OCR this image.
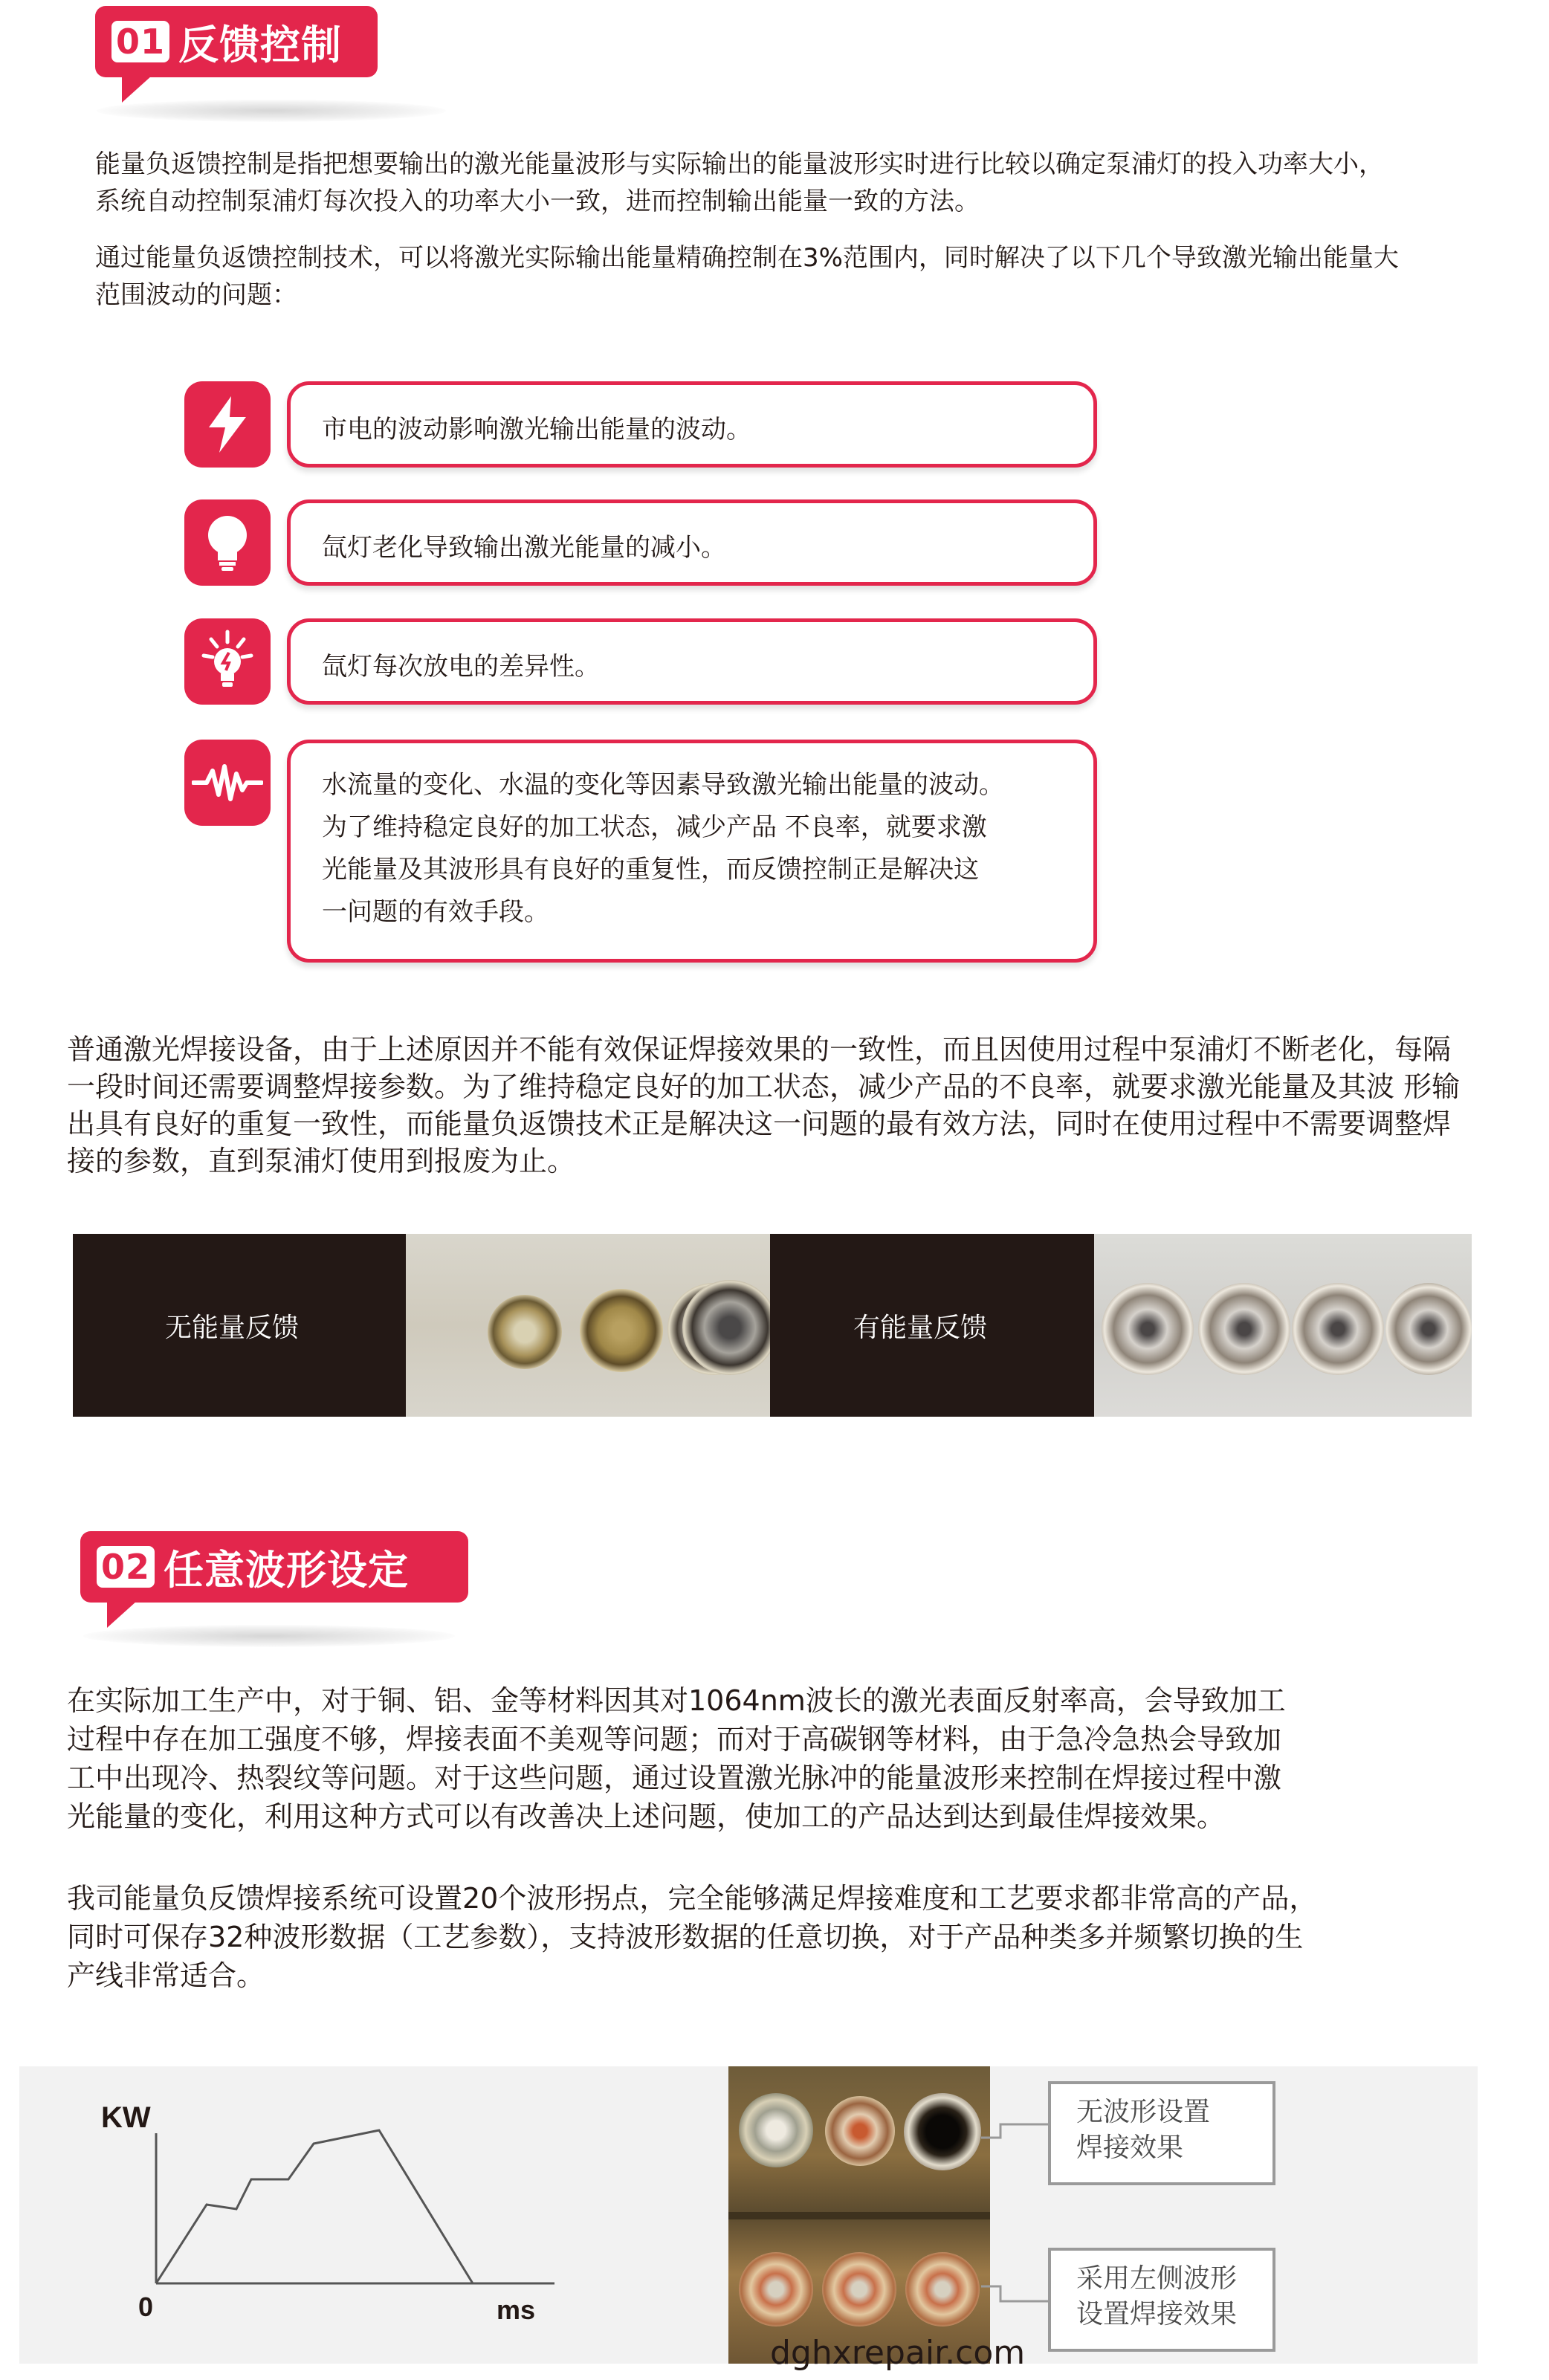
01 反馈控制

能量负返馈控制是指把想要输出的激光能量波形与实际输出的能量波形实时进行比较以确定泵浦灯的投入功率大小，

系统自动控制泵浦灯每次投入的功率大小一致，进而控制输出能量一致的方法。

通过能量负返馈控制技术，可以将激光实际输出能量精确控制在3%范围内，同时解决了以下几个导致激光输出能量大

范围波动的问题：

市电的波动影响激光输出能量的波动。
氙灯老化导致输出激光能量的减小。
氙灯每次放电的差异性。
水流量的变化、水温的变化等因素导致激光输出能量的波动。
为了维持稳定良好的加工状态，减少产品 不良率，就要求激
光能量及其波形具有良好的重复性，而反馈控制正是解决这
一问题的有效手段。

普通激光焊接设备，由于上述原因并不能有效保证焊接效果的一致性，而且因使用过程中泵浦灯不断老化，每隔

一段时间还需要调整焊接参数。为了维持稳定良好的加工状态，减少产品的不良率，就要求激光能量及其波 形输

出具有良好的重复一致性，而能量负返馈技术正是解决这一问题的最有效方法，同时在使用过程中不需要调整焊

接的参数，直到泵浦灯使用到报废为止。

无能量反馈	有能量反馈
02 任意波形设定

在实际加工生产中，对于铜、铝、金等材料因其对1064nm波长的激光表面反射率高，会导致加工

过程中存在加工强度不够，焊接表面不美观等问题；而对于高碳钢等材料，由于急冷急热会导致加

工中出现冷、热裂纹等问题。对于这些问题，通过设置激光脉冲的能量波形来控制在焊接过程中激

光能量的变化，利用这种方式可以有改善决上述问题，使加工的产品达到达到最佳焊接效果。

我司能量负反馈焊接系统可设置20个波形拐点，完全能够满足焊接难度和工艺要求都非常高的产品，

同时可保存32种波形数据（工艺参数），支持波形数据的任意切换，对于产品种类多并频繁切换的生

产线非常适合。

KW
0	ms
无波形设置
焊接效果
采用左侧波形
设置焊接效果
dghxrepair.com
